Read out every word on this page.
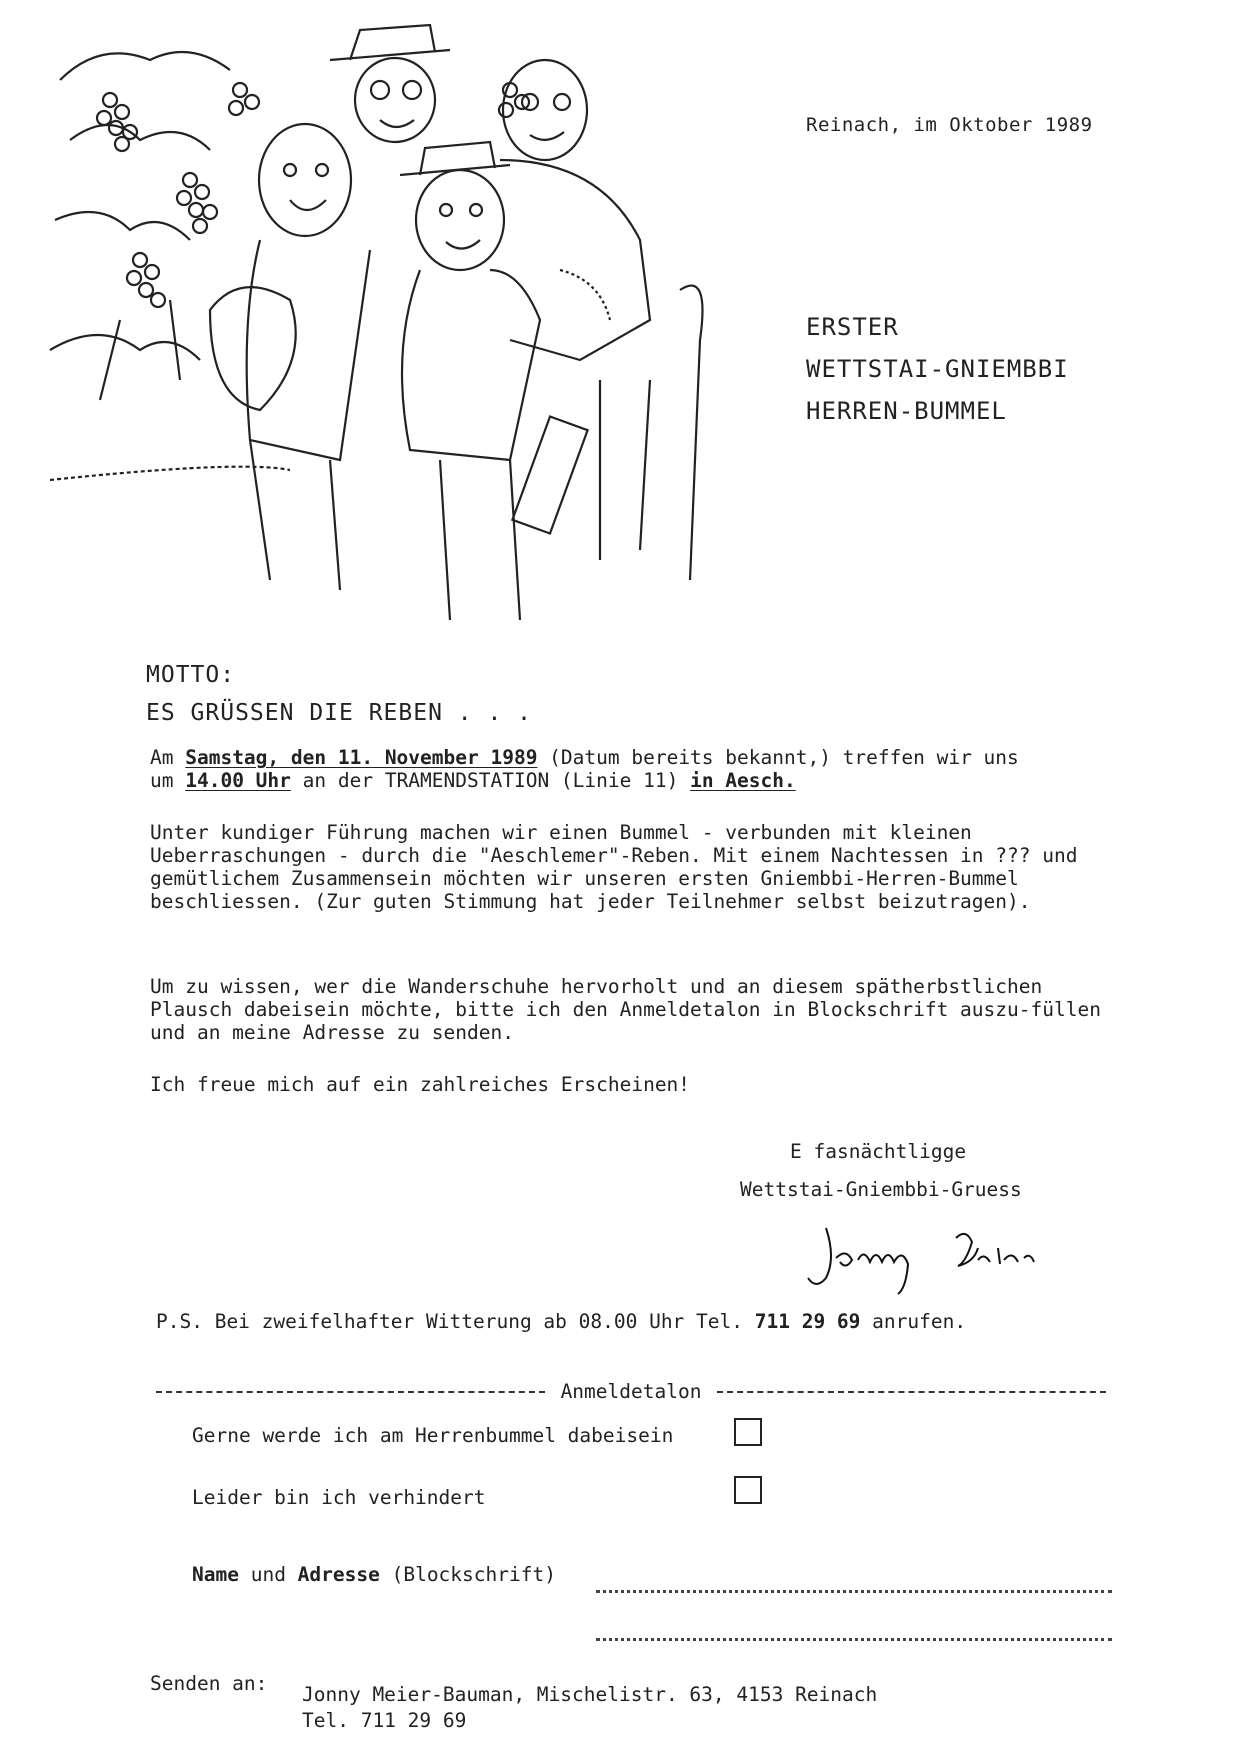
Reinach, im Oktober 1989
ERSTER
WETTSTAI-GNIEMBBI
HERREN-BUMMEL
MOTTO:
ES GRÜSSEN DIE REBEN . . .
Am Samstag, den 11. November 1989 (Datum bereits bekannt,) treffen wir uns
um 14.00 Uhr an der TRAMENDSTATION (Linie 11) in Aesch.
Unter kundiger Führung machen wir einen Bummel - verbunden mit kleinen Ueberraschungen - durch die "Aeschlemer"-Reben. Mit einem Nachtessen in ??? und gemütlichem Zusammensein möchten wir unseren ersten Gniembbi-Herren-Bummel beschliessen. (Zur guten Stimmung hat jeder Teilnehmer selbst beizutragen).
Um zu wissen, wer die Wanderschuhe hervorholt und an diesem spätherbstlichen Plausch dabeisein möchte, bitte ich den Anmeldetalon in Blockschrift auszu-füllen und an meine Adresse zu senden.
Ich freue mich auf ein zahlreiches Erscheinen!
E fasnächtligge
Wettstai-Gniembbi-Gruess
P.S. Bei zweifelhafter Witterung ab 08.00 Uhr Tel. 711 29 69 anrufen.
Anmeldetalon
Gerne werde ich am Herrenbummel dabeisein
Leider bin ich verhindert
Name und Adresse (Blockschrift)
Senden an: Jonny Meier-Bauman, Mischelistr. 63, 4153 Reinach
Tel. 711 29 69
